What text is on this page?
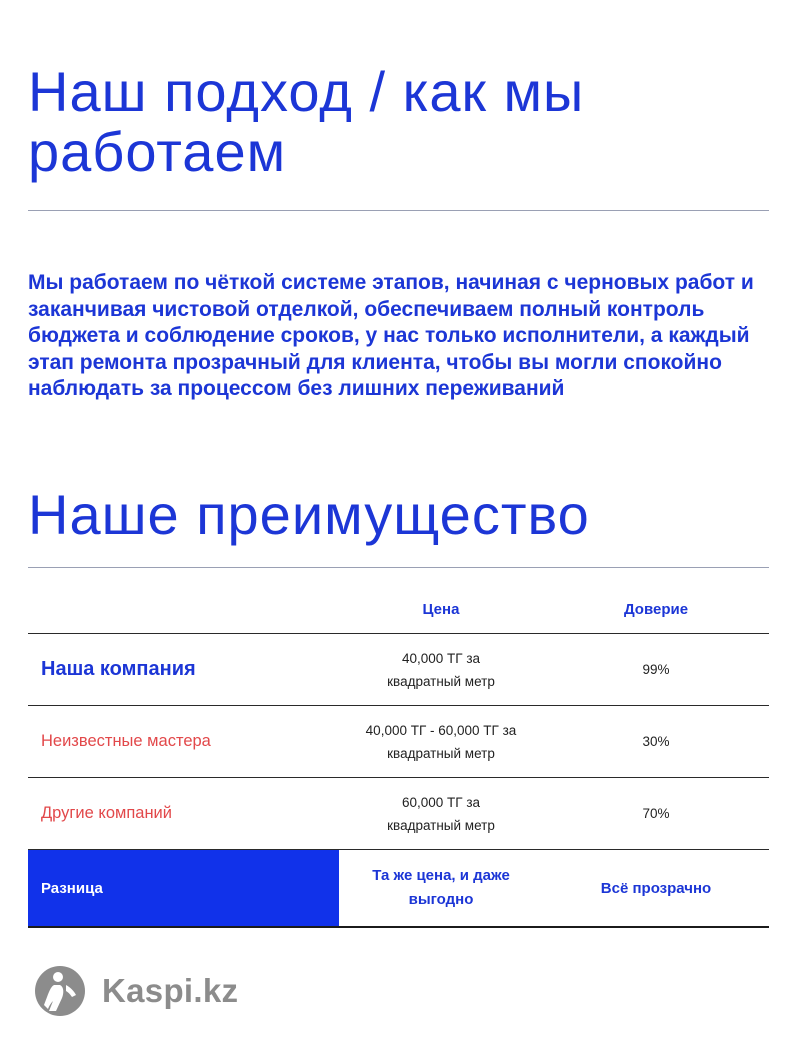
Наш подход / как мы работаем

Мы работаем по чёткой системе этапов, начиная с черновых работ и заканчивая чистовой отделкой, обеспечиваем полный контроль бюджета и соблюдение сроков, у нас только исполнители, а каждый этап ремонта прозрачный для клиента, чтобы вы могли спокойно наблюдать за процессом без лишних переживаний

Наше преимущество
Цена	Доверие
Наша компания	40,000 ТГ за квадратный метр
99%
Неизвестные мастера
40,000 ТГ - 60,000 ТГ за квадратный метр
30%
Другие компаний
60,000 ТГ за квадратный метр
70%
Разница
Та же цена, и даже выгодно
Всё прозрачно
Kaspi.kz
